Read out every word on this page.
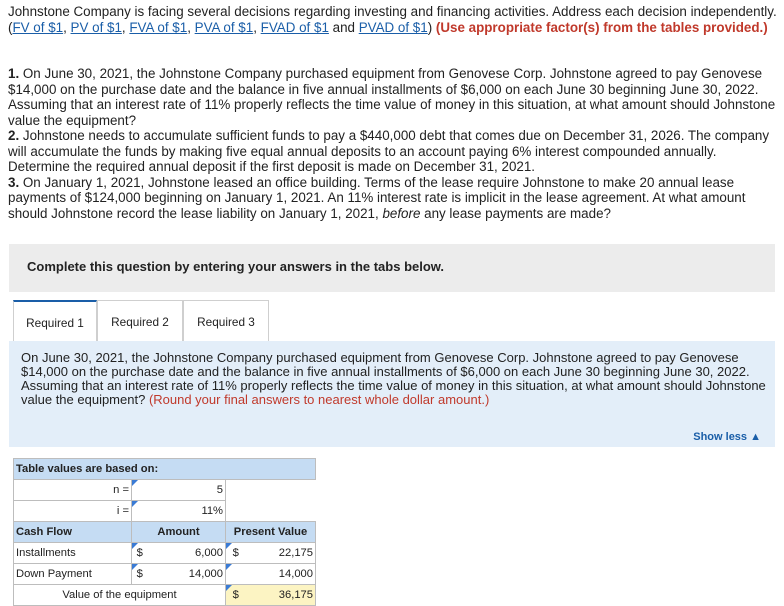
Johnstone Company is facing several decisions regarding investing and financing activities. Address each decision independently. (FV of $1, PV of $1, FVA of $1, PVA of $1, FVAD of $1 and PVAD of $1) (Use appropriate factor(s) from the tables provided.)

1. On June 30, 2021, the Johnstone Company purchased equipment from Genovese Corp. Johnstone agreed to pay Genovese $14,000 on the purchase date and the balance in five annual installments of $6,000 on each June 30 beginning June 30, 2022. Assuming that an interest rate of 11% properly reflects the time value of money in this situation, at what amount should Johnstone value the equipment?

2. Johnstone needs to accumulate sufficient funds to pay a $440,000 debt that comes due on December 31, 2026. The company will accumulate the funds by making five equal annual deposits to an account paying 6% interest compounded annually. Determine the required annual deposit if the first deposit is made on December 31, 2021.

3. On January 1, 2021, Johnstone leased an office building. Terms of the lease require Johnstone to make 20 annual lease payments of $124,000 beginning on January 1, 2021. An 11% interest rate is implicit in the lease agreement. At what amount should Johnstone record the lease liability on January 1, 2021, before any lease payments are made?

Complete this question by entering your answers in the tabs below.
Required 1	Required 2	Required 3
On June 30, 2021, the Johnstone Company purchased equipment from Genovese Corp. Johnstone agreed to pay Genovese $14,000 on the purchase date and the balance in five annual installments of $6,000 on each June 30 beginning June 30, 2022. Assuming that an interest rate of 11% properly reflects the time value of money in this situation, at what amount should Johnstone value the equipment? (Round your final answers to nearest whole dollar amount.)
Show less ▲
Table values are based on:				
n =	5			
i =	11%			
Cash Flow	Amount		Present Value	
Installments	$	6,000	$	22,175
Down Payment	$	14,000		14,000
Value of the equipment			$	36,175
